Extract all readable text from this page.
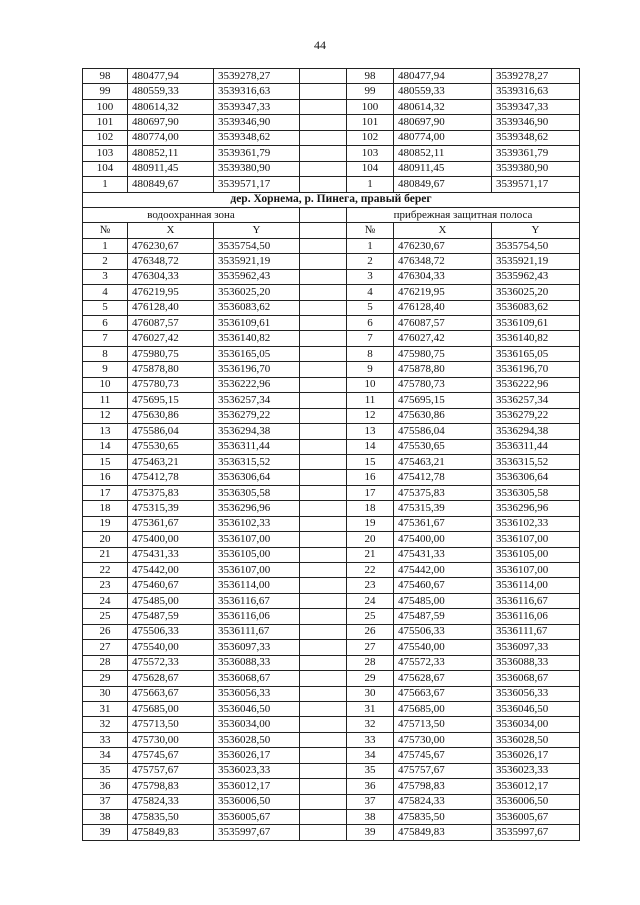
44
98	480477,94	3539278,27		98	480477,94	3539278,27
99	480559,33	3539316,63		99	480559,33	3539316,63
100	480614,32	3539347,33		100	480614,32	3539347,33
101	480697,90	3539346,90		101	480697,90	3539346,90
102	480774,00	3539348,62		102	480774,00	3539348,62
103	480852,11	3539361,79		103	480852,11	3539361,79
104	480911,45	3539380,90		104	480911,45	3539380,90
1	480849,67	3539571,17		1	480849,67	3539571,17
дер. Хорнема, р. Пинега, правый берег						
водоохранная зона				прибрежная защитная полоса		
№	X	Y		№	X	Y
1	476230,67	3535754,50		1	476230,67	3535754,50
2	476348,72	3535921,19		2	476348,72	3535921,19
3	476304,33	3535962,43		3	476304,33	3535962,43
4	476219,95	3536025,20		4	476219,95	3536025,20
5	476128,40	3536083,62		5	476128,40	3536083,62
6	476087,57	3536109,61		6	476087,57	3536109,61
7	476027,42	3536140,82		7	476027,42	3536140,82
8	475980,75	3536165,05		8	475980,75	3536165,05
9	475878,80	3536196,70		9	475878,80	3536196,70
10	475780,73	3536222,96		10	475780,73	3536222,96
11	475695,15	3536257,34		11	475695,15	3536257,34
12	475630,86	3536279,22		12	475630,86	3536279,22
13	475586,04	3536294,38		13	475586,04	3536294,38
14	475530,65	3536311,44		14	475530,65	3536311,44
15	475463,21	3536315,52		15	475463,21	3536315,52
16	475412,78	3536306,64		16	475412,78	3536306,64
17	475375,83	3536305,58		17	475375,83	3536305,58
18	475315,39	3536296,96		18	475315,39	3536296,96
19	475361,67	3536102,33		19	475361,67	3536102,33
20	475400,00	3536107,00		20	475400,00	3536107,00
21	475431,33	3536105,00		21	475431,33	3536105,00
22	475442,00	3536107,00		22	475442,00	3536107,00
23	475460,67	3536114,00		23	475460,67	3536114,00
24	475485,00	3536116,67		24	475485,00	3536116,67
25	475487,59	3536116,06		25	475487,59	3536116,06
26	475506,33	3536111,67		26	475506,33	3536111,67
27	475540,00	3536097,33		27	475540,00	3536097,33
28	475572,33	3536088,33		28	475572,33	3536088,33
29	475628,67	3536068,67		29	475628,67	3536068,67
30	475663,67	3536056,33		30	475663,67	3536056,33
31	475685,00	3536046,50		31	475685,00	3536046,50
32	475713,50	3536034,00		32	475713,50	3536034,00
33	475730,00	3536028,50		33	475730,00	3536028,50
34	475745,67	3536026,17		34	475745,67	3536026,17
35	475757,67	3536023,33		35	475757,67	3536023,33
36	475798,83	3536012,17		36	475798,83	3536012,17
37	475824,33	3536006,50		37	475824,33	3536006,50
38	475835,50	3536005,67		38	475835,50	3536005,67
39	475849,83	3535997,67		39	475849,83	3535997,67
